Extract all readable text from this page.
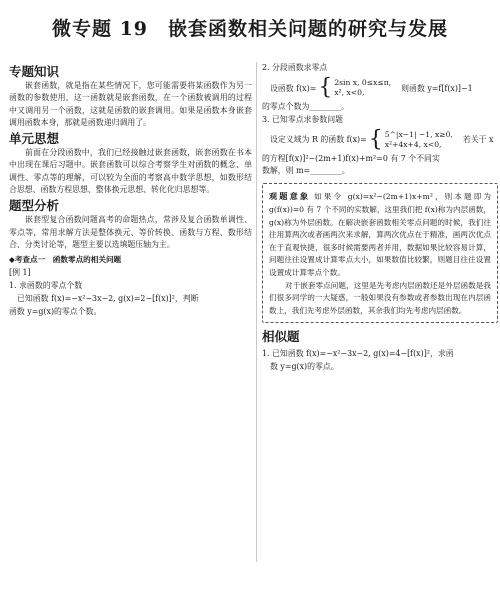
微专题 19　嵌套函数相关问题的研究与发展
专题知识

嵌套函数，就是指在某些情况下，您可能需要将某函数作为另一函数的参数使用，这一函数就是嵌套函数，在一个函数被调用的过程中又调用另一个函数，这就是函数的嵌套调用。如果是函数本身嵌套调用函数本身，那就是函数递归调用了。

单元思想

前面在分段函数中，我们已经接触过嵌套函数，嵌套函数在书本中出现在课后习题中。嵌套函数可以综合考察学生对函数的概念、单调性、零点等的理解，可以较为全面的考察高中数学思想，如数形结合思想、函数方程思想、整体换元思想、转化化归思想等。

题型分析

嵌套型复合函数问题高考的命题热点，常涉及复合函数单调性、零点等，常用求解方法是整体换元、等价转换、函数与方程、数形结合、分类讨论等，题型主要以选填题压轴为主。

◆考查点一　函数零点的相关问题
[例 1]
1. 求函数的零点个数
已知函数 f(x)=−x²−3x−2, g(x)=2−[f(x)]²，判断
函数 y=g(x)的零点个数。
2. 分段函数求零点
设函数 f(x)= { 2sin x, 0≤x≤π,
x², x<0,	则函数 y=f[f(x)]−1
的零点个数为________。
3. 已知零点求参数问题
设定义域为 R 的函数 f(x)= { 5^|x−1| −1, x≥0,
x²+4x+4, x<0,	若关于 x
的方程[f(x)]²−(2m+1)f(x)+m²=0 有 7 个不同实
数解，则 m=________。

观题意象 如果令 g(x)=x²−(2m+1)x+m²，则本题即为 g(f(x))=0 有 7 个不同的实数解，这里我们把 f(x)称为内层函数，g(x)称为外层函数。在解决嵌套函数相关零点问题的时候，我们往往用算两次或者画两次来求解，算两次优点在于精准，画两次优点在于直观快捷，很多时候需要两者并用，数据如果比较容易计算，问题往往设置成计算零点大小，如果数值比较繁，则题目往往设置设置成计算零点个数。

对于嵌套零点问题，这里是先考虑内层函数还是外层函数是我们很多同学的一大疑惑，一般如果没有参数或者参数出现在内层函数上，我们先考虑外层函数，其余我们均先考虑内层函数。

相似题
1. 已知函数 f(x)=−x²−3x−2, g(x)=4−[f(x)]²，求函
数 y=g(x)的零点。
